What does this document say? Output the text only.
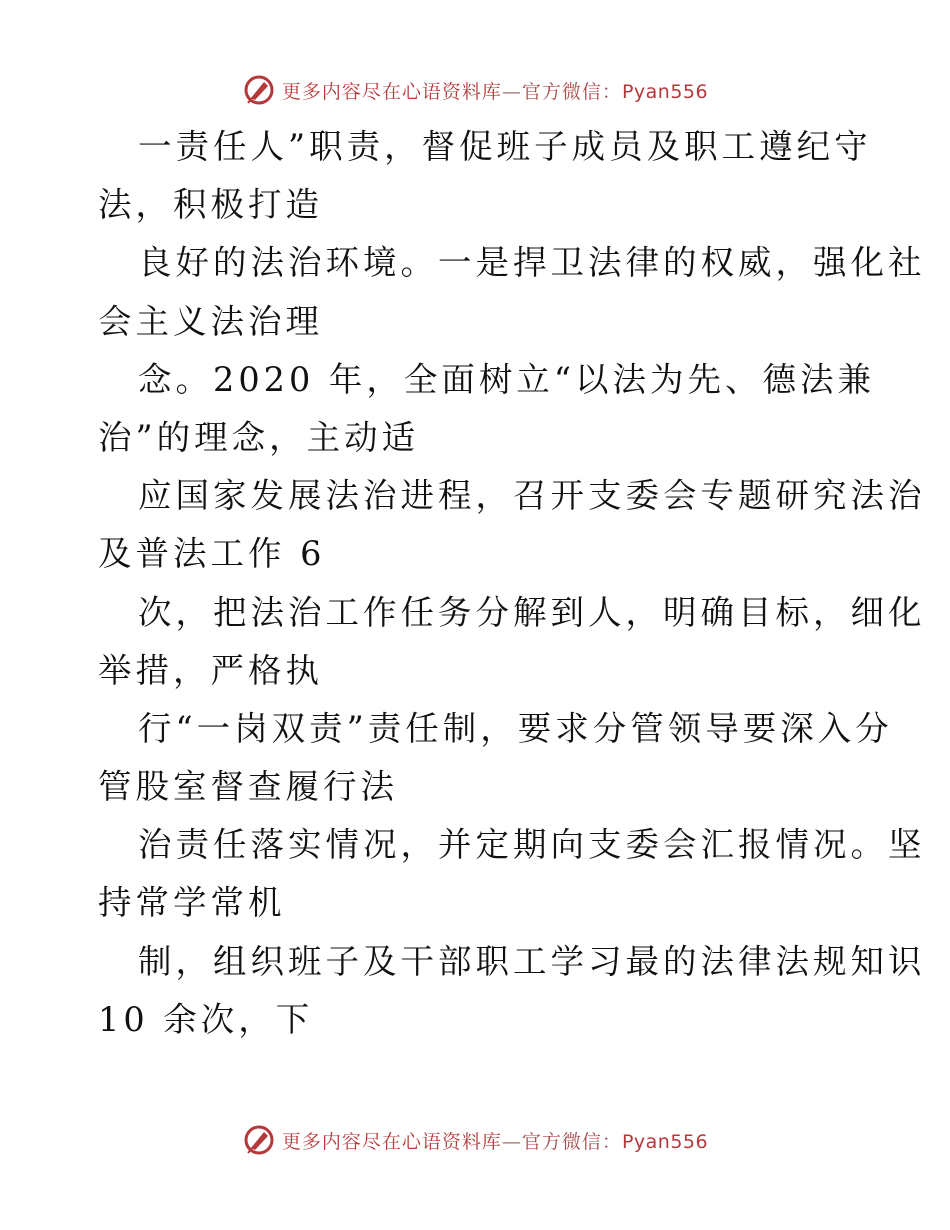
更多内容尽在心语资料库—官方微信：Pyan556
一责任人”职责，督促班子成员及职工遵纪守
法，积极打造
良好的法治环境。一是捍卫法律的权威，强化社
会主义法治理
念。2020 年，全面树立“以法为先、德法兼
治”的理念，主动适
应国家发展法治进程，召开支委会专题研究法治
及普法工作 6
次，把法治工作任务分解到人，明确目标，细化
举措，严格执
行“一岗双责”责任制，要求分管领导要深入分
管股室督查履行法
治责任落实情况，并定期向支委会汇报情况。坚
持常学常机
制，组织班子及干部职工学习最的法律法规知识
10 余次，下
更多内容尽在心语资料库—官方微信：Pyan556
